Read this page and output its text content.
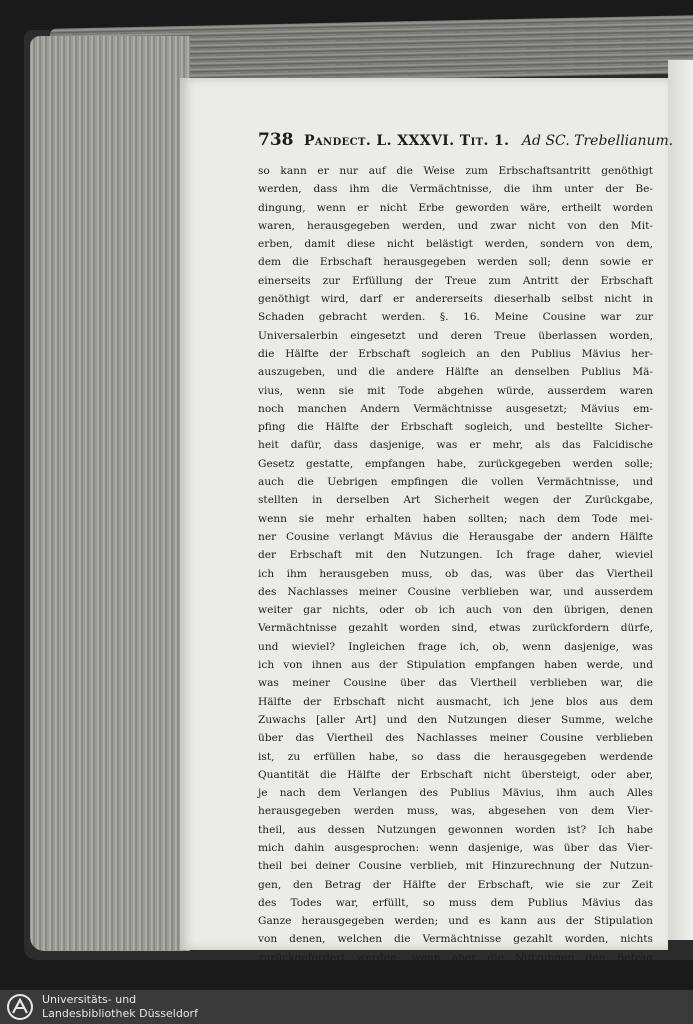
738 Pandect. L. XXXVI. Tit. 1. Ad SC. Trebellianum.
so kann er nur auf die Weise zum Erbschaftsantritt genöthigt
werden, dass ihm die Vermächtnisse, die ihm unter der Be-
dingung, wenn er nicht Erbe geworden wäre, ertheilt worden
waren, herausgegeben werden, und zwar nicht von den Mit-
erben, damit diese nicht belästigt werden, sondern von dem,
dem die Erbschaft herausgegeben werden soll; denn sowie er
einerseits zur Erfüllung der Treue zum Antritt der Erbschaft
genöthigt wird, darf er andererseits dieserhalb selbst nicht in
Schaden gebracht werden. §. 16. Meine Cousine war zur
Universalerbin eingesetzt und deren Treue überlassen worden,
die Hälfte der Erbschaft sogleich an den Publius Mävius her-
auszugeben, und die andere Hälfte an denselben Publius Mä-
vius, wenn sie mit Tode abgehen würde, ausserdem waren
noch manchen Andern Vermächtnisse ausgesetzt; Mävius em-
pfing die Hälfte der Erbschaft sogleich, und bestellte Sicher-
heit dafür, dass dasjenige, was er mehr, als das Falcidische
Gesetz gestatte, empfangen habe, zurückgegeben werden solle;
auch die Uebrigen empfingen die vollen Vermächtnisse, und
stellten in derselben Art Sicherheit wegen der Zurückgabe,
wenn sie mehr erhalten haben sollten; nach dem Tode mei-
ner Cousine verlangt Mävius die Herausgabe der andern Hälfte
der Erbschaft mit den Nutzungen. Ich frage daher, wieviel
ich ihm herausgeben muss, ob das, was über das Viertheil
des Nachlasses meiner Cousine verblieben war, und ausserdem
weiter gar nichts, oder ob ich auch von den übrigen, denen
Vermächtnisse gezahlt worden sind, etwas zurückfordern dürfe,
und wieviel? Ingleichen frage ich, ob, wenn dasjenige, was
ich von ihnen aus der Stipulation empfangen haben werde, und
was meiner Cousine über das Viertheil verblieben war, die
Hälfte der Erbschaft nicht ausmacht, ich jene blos aus dem
Zuwachs [aller Art] und den Nutzungen dieser Summe, welche
über das Viertheil des Nachlasses meiner Cousine verblieben
ist, zu erfüllen habe, so dass die herausgegeben werdende
Quantität die Hälfte der Erbschaft nicht übersteigt, oder aber,
je nach dem Verlangen des Publius Mävius, ihm auch Alles
herausgegeben werden muss, was, abgesehen von dem Vier-
theil, aus dessen Nutzungen gewonnen worden ist? Ich habe
mich dahin ausgesprochen: wenn dasjenige, was über das Vier-
theil bei deiner Cousine verblieb, mit Hinzurechnung der Nutzun-
gen, den Betrag der Hälfte der Erbschaft, wie sie zur Zeit
des Todes war, erfüllt, so muss dem Publius Mävius das
Ganze herausgegeben werden; und es kann aus der Stipulation
von denen, welchen die Vermächtnisse gezahlt worden, nichts
zurückgefordert werden; wenn aber die Nutzungen den Betrag
der Hälfte übersteigen, so wird dies deinem Viertheile und
Universitäts- und
Landesbibliothek Düsseldorf
